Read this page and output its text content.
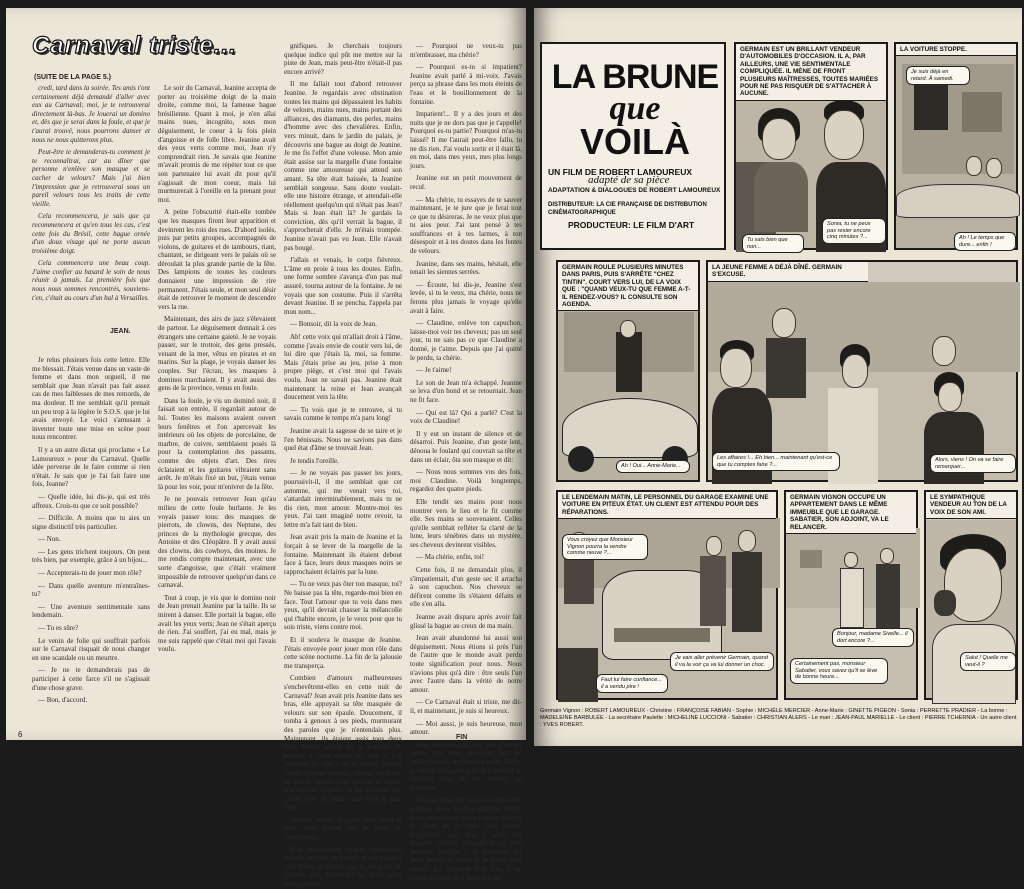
Carnaval triste...
(SUITE DE LA PAGE 5.)

credi, tard dans la soirée. Tes amis t'ont certainement déjà demandé d'aller avec eux au Carnaval; moi, je te retrouverai directement là-bas. Je louerai un domino et, dès que je serai dans la foule, et que je t'aurai trouvé, nous pourrons danser et nous ne nous quitterons plus.

Peut-être te demanderas-tu comment je te reconnaîtrai, car au dîner que personne n'enlève son masque et se cacher de velours? Mais j'ai bien l'impression que je retrouverai sous un pareil velours tous les traits de cette vieille.

Cela recommencera, je sais que ça recommencera et qu'en tous les cas, c'est cette fois du Brésil, cette bague ornée d'un doux visage qui ne porte aucun troisième doigt.

Cela commencera une beau coup. J'aime confier au hasard le soin de nous réunir à jamais. La première fois que nous nous sommes rencontrés, souviens-t'en, c'était au cours d'un bal à Versailles.

JEAN.

Je relus plusieurs fois cette lettre. Elle me blessait. J'étais venue dans un vaste de femme et dans mon orgueil, il me semblait que Jean n'avait pas fait assez cas de mes faiblesses de mes remords, de ma douleur. Il me semblait qu'il prenait un peu trop à la légère le S.O.S. que je lui avais envoyé. Le voici s'amusant à inventer toute une mise en scène pour nous rencontrer.

Il y a un autre dictat qui proclame « Le Lamoureux » pour du Carnaval. Quelle idée perverse de le faire comme si rien n'était. Je sais que je l'ai fait faire une fois, Jeanne?

— Quelle idée, lui dis-je, qui est très affreux. Crois-tu que ce soit possible?

— Difficile. A moins que tu aies un signe distinctif très particulier.

— Non.

— Les gens trichent toujours. On peut très bien, par exemple, grâce à un bijou...

— Accepterais-tu de jouer mon rôle?

— Dans quelle aventure m'entraînes-tu?

— Une aventure sentimentale sans lendemain.

— Tu es sûre?

Le venin de folie qui souffrait parfois sur le Carnaval risquait de nous changer en une scandale ou un meurtre.

— Je ne te demanderais pas de participer à cette farce s'il ne s'agissait d'une chose grave.

— Bon, d'accord.

Le soir du Carnaval, Jeanine accepta de porter au troisième doigt de la main droite, comme moi, la fameuse bague brésilienne. Quant à moi, je n'en allai mains nues, incognito, sous mon déguisement, le coeur à la fois plein d'angoisse et de folle libre. Jeanine avait des yeux verts comme moi, Jean n'y comprendrait rien. Je savais que Jeanine m'avait promis de me répéter tout ce que son partenaire lui avait dit pour qu'il s'agissait de mon coeur, mais lui murmurerait à l'oreille en la prenant pour moi.

A peine l'obscurité était-elle tombée que les masques firent leur apparition et devinrent les rois des rues. D'abord isolés, puis par petits groupes, accompagnés de violons, de guitares et de tambours, riant, chantant, se dirigeant vers le palais où se déroulait la plus grande partie de la fête. Des lampions de toutes les couleurs donnaient une impression de rire permanent. J'étais seule, et mon seul désir était de retrouver le moment de descendre vers la rue.

Maintenant, des airs de jazz s'élevaient de partout. Le déguisement donnait à ces étrangers une certaine gaieté. Je ne voyais passer, sur le trottoir, des gens pressés, venant de la mer, vêtus en pirates et en marins. Sur la plage, je voyais danser les couples. Sur l'écran, les masques à dominos marchaient. Il y avait aussi des gens de la province, venus en foule.

Dans la foule, je vis un dominó noir, il faisait son entrée, il regardait autour de lui. Toutes les maisons avaient ouvert leurs fenêtres et l'on apercevait les intérieurs où les objets de porcelaine, de marbre, de cuivre, semblaient posés là pour la contemplation des passants, comme des objets d'art. Des rires éclataient et les guitares vibraient sans arrêt. Je m'étais fixé un but, j'étais venue là pour les voir, pour m'enivrer de la fête.

Je ne pouvais retrouver Jean qu'au milieu de cette foule hurlante. Je les voyais passer tous: des masques de pierrots, de clowns, des Neptune, des princes de la mythologie grecque, des Antoine et des Cléopâtre. Il y avait aussi des clowns, des cowboys, des moines. Je me rendis compte maintenant, avec une sorte d'angoisse, que c'était vraiment impossible de retrouver quelqu'un dans ce carnaval.

Tout à coup, je vis que le domino noir de Jean prenait Jeanine par la taille. Ils se mirent à danser. Elle portait la bague, elle avait les yeux verts; Jean ne s'était aperçu de rien. J'ai souffert, j'ai eu mal, mais je me suis rappelé que c'était moi qui l'avais voulu.

gnifiques. Je cherchais toujours quelque indice qui pût me mettre sur la piste de Jean, mais peut-être n'était-il pas encore arrivé?

Il me fallait tout d'abord retrouver Jeanine. Je regardais avec obstination toutes les mains qui dépassaient les habits de velours, mains nues, mains portant des alliances, des diamants, des perles, mains d'homme avec des chevalières. Enfin, vers minuit, dans le jardin du palais, je découvris une bague au doigt de Jeanine. Je me fis l'effet d'une voleuse. Mon amie était assise sur la margelle d'une fontaine comme une amoureuse qui attend son amant. Sa tête était baissée, la Jeanine semblait songeuse. Sans doute voulait-elle une histoire étrange, et attendait-elle réellement quelqu'un qui n'était pas Jean? Mais si Jean était là? Je gardais la conviction, dès qu'il verrait la bague, il s'approcherait d'elle. Je m'étais trompée. Jeanine n'avait pas vu Jean. Elle n'avait pas bougé.

J'allais et venais, le corps fiévreux. L'âme en proie à tous les doutes. Enfin, une forme sombre s'avança d'un pas mal assuré, tourna autour de la fontaine. Je ne voyais que son costume. Puis il s'arrêta devant Jeanine. Il se pencha, l'appela par mon nom...

— Bonsoir, dit la voix de Jean.

Ah! cette voix qui m'allait droit à l'âme, comme j'avais envie de courir vers lui, de lui dire que j'étais là, moi, sa femme. Mais j'étais prise au jeu, prise à mon propre piège, et c'est moi qui l'avais voulu. Jean ne savait pas. Jeanine était maintenant la reine et Jean avançait doucement vers la tête.

— Tu vois que je te retrouve, si tu savais comme le temps m'a paru long!

Jeanine avait la sagesse de se taire et je l'en bénissais. Nous ne savions pas dans quel état d'âme se trouvait Jean.

Je tendis l'oreille.

— Je ne voyais pas passer les jours, poursuivit-il, il me semblait que cet automne, qui me venait vers toi, s'attardait interminablement, mais tu ne dis rien, mon amour. Montre-moi tes yeux. J'ai tant imaginé notre revoir, ta lettre m'a fait tant de bien.

Jean avait pris la main de Jeanine et la forçait à se lever de la margelle de la fontaine. Maintenant ils étaient debout face à face, leurs deux masques noirs se rapprochaient éclairés par la lune.

— Tu ne veux pas ôter ton masque, toi? Ne baisse pas la tête, regarde-moi bien en face. Tout l'amour que tu vois dans mes yeux, qu'il devrait chasser la mélancolie qui t'habite encore, je le veux pour que tu sois triste, viens contre moi.

Et il souleva le masque de Jeanine. J'étais envoyée pour jouer mon rôle dans cette scène nocturne. La fin de la jalousie me transperça.

Combien d'amours malheureuses s'enchevêtrent-elles en cette nuit de Carnaval? Jean avait pris Jeanine dans ses bras, elle appuyait sa tête masquée de velours sur son épaule. Doucement, il tomba à genoux à ses pieds, murmurant des paroles que je n'entendais plus. Maintenant, ils étaient assis tous deux dans l'herbe auprès de la fontaine. Je pensais à cette scène du film « Les Visiteurs du soir » où le diable, furieux contre l'amour humain, change en statue de pierre, auprès d'une source, le couple d'amoureux enlacés... Il me semblait que j'allais finir de perdre mon bien le plus cher.

Masque contre masque, mon mari et mon amie étaient sur le point de s'embrasser.

D'un mouvement souple, silencieuse comme un chat, je bondis et me plaçai à côté d'eux et m'assis sur la margelle de marbre, afin d'entendre les mots qu'ils échangeaient.

— Pourquoi ne veux-tu pas m'embrasser, ma chérie?

— Pourquoi es-tu si impatient? Jeanine avait parlé à mi-voix. J'avais perçu sa phrase dans les mots éteints de l'eau et le bouillonnement de la fontaine.

Impatient!... Il y a des jours et des nuits que je ne dors pas que je t'appelle! Pourquoi es-tu partie? Pourquoi m'as-tu laissé? Il me l'aurait peut-être fallu, tu ne dis rien. J'ai voulu sortir et il était là, en moi, dans mes yeux, mes plus longs jours.

Jeanine eut un petit mouvement de recul.

— Ma chérie, tu essayes de te sauver maintenant, je te jure que je ferai tout ce que tu désireras. Je ne veux plus que tu aies peur. J'ai tant pensé à tes souffrances et à tes larmes, à ton désespoir et à tes doutes dans les fentes de velours.

Jeanine, dans ses mains, hésitait, elle tenait les siennes serrées.

— Écoute, lui dis-je, Jeanine s'est levée, si tu le veux, ma chérie, nous ne ferons plus jamais le voyage qu'elle avait à faire.

— Claudine, enlève ton capuchon, laisse-moi voir tes cheveux; pas un seul jour, tu ne sais pas ce que Claudine a donné, je t'aime. Depuis que j'ai quitté le perdu, ta chérie.

— Je t'aime!

Le son de Jean m'a échappé. Jeanine se leva d'un bond et se retournait. Jean ne fit face.

— Qui est là? Qui a parlé? C'est la voix de Claudine!

Il y eut un instant de silence et de désarroi. Puis Jeanine, d'un geste lent, dénoua le foulard qui couvrait sa tête et dans un éclair, ôta son masque et dit:

— Nous nous sommes vus des fois, moi Claudine. Voilà longtemps, regardez des quatre pieds.

Elle tendit ses mains pour nous montrer vers le lieu et le fit comme elle. Ses mains se souvenaient. Celles qu'elle semblait refléter la clarté de la lune, leurs ténèbres dans un mystère, ses cheveux devinrent visibles.

— Ma chérie, enfin, toi!

Cette fois, il ne demandait plus, il s'impatientait, d'un geste sec il arracha à son capuchon. Nos cheveux se défirent comme ils s'étaient défaits et elle s'en alla.

Jeanne avait disparu après avoir fait glissé la bague au creux de ma main.

Jean avait abandonné lui aussi son déguisement. Nous étions si près l'un de l'autre que le monde avait perdu toute signification pour nous. Nous n'avions plus qu'à dire : être seuls l'un avec l'autre dans la vérité de notre amour.

— Ce Carnaval était si triste, me dit-il, et maintenant, je suis si heureux.

— Moi aussi, je suis heureuse, mon amour.

Jean m'embrassait avec tant d'amour tandis que nous revenions par les jardins hantés de dominos noirs. Enfin, je sentais que cette nuit de Carnaval ne cesserait plus de me revenir en mémoire.

Tout au long des rues, les chants des guitares nous accompagnaient. Enfin, nous retrouvâmes notre chemin grâce à la clarté de la lune. Une plainte magnifique que Jean y avait fait déposer s'élevait d'espagnole en mon absence, pareille à la tendresse qui avait grandi en nous, et le soleil nous surprit. Le chanteur était fou, il ne s'aperçut point qu'il nous suivait.

6	FIN
LA BRUNE
que
VOILÀ
UN FILM DE ROBERT LAMOUREUX
adapté de sa pièce
ADAPTATION & DIALOGUES DE ROBERT LAMOUREUX
DISTRIBUTEUR: LA CIE FRANÇAISE DE DISTRIBUTION CINÉMATOGRAPHIQUE
PRODUCTEUR: LE FILM D'ART
GERMAIN EST UN BRILLANT VENDEUR D'AUTOMOBILES D'OCCASION. IL A, PAR AILLEURS, UNE VIE SENTIMENTALE COMPLIQUÉE. IL MÈNE DE FRONT PLUSIEURS MAÎTRESSES, TOUTES MARIÉES POUR NE PAS RISQUER DE S'ATTACHER À AUCUNE.
Tu sais bien que non...
Sonia, tu ne peux pas rester encore cinq minutes ?...
LA VOITURE STOPPE.
Je suis déjà en retard. À samedi.
Ah ! Le temps que dure... enfin !
GERMAIN ROULE PLUSIEURS MINUTES DANS PARIS, PUIS S'ARRÊTE "CHEZ TINTIN". COURT VERS LUI, DE LA VOIX QUE : "QUAND VEUX-TU QUE FEMME A-T-IL RENDEZ-VOUS? IL CONSULTE SON AGENDA.
Ah ! Oui... Anne-Marie...
LA JEUNE FEMME A DÉJÀ DÎNÉ. GERMAIN S'EXCUSE.
Les affaires !... Eh bien... maintenant qu'est-ce que tu comptes faire ?...
Alors, viens ! On va se faire remarquer...
LE LENDEMAIN MATIN, LE PERSONNEL DU GARAGE EXAMINE UNE VOITURE EN PITEUX ÉTAT. UN CLIENT EST ATTENDU POUR DES RÉPARATIONS.
Vous croyez que Monsieur Vignon pourra la vendre comme neuve ?...
Je vais aller prévenir Germain, quand il va la voir ça va lui donner un choc.
Faut lui faire confiance... il a vendu pire !
GERMAIN VIGNON OCCUPE UN APPARTEMENT DANS LE MÊME IMMEUBLE QUE LE GARAGE. SABATIER, SON ADJOINT, VA LE RELANCER.
Bonjour, madame Sivelle... il dort encore ?...
Certainement pas, monsieur Sabatier, vous savez qu'il se lève de bonne heure...
LE SYMPATHIQUE VENDEUR AU TON DE LA VOIX DE SON AMI.
Salut ! Quelle me veut-il ?
Germain Vignon : ROBERT LAMOUREUX - Christine : FRANÇOISE FABIAN - Sophie : MICHÈLE MERCIER - Anne-Marie : GINETTE PIGEON - Sonia : PERRETTE PRADIER - La bonne : MADELEINE BARBULÉE - La secrétaire Paulette : MICHELINE LUCCIONI - Sabatier : CHRISTIAN ALERS - Le mari : JEAN-PAUL MARIELLE - Le client : PIERRE TCHERNIA - Un autre client : YVES ROBERT.
